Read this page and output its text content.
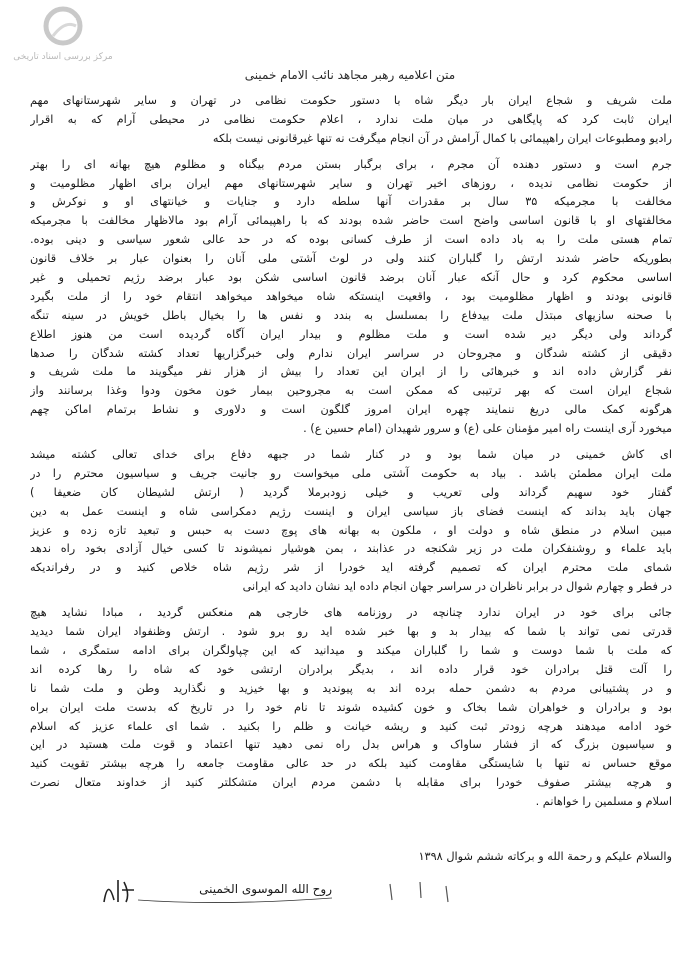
مرکز بررسی اسناد تاریخی
متن اعلامیه رهبر مجاهد نائب الامام خمینی
ملت شریف و شجاع ایران بار دیگر شاه با دستور حکومت نظامی در تهران و سایر شهرستانهای مهم
ایران ثابت کرد که پایگاهی در میان ملت ندارد ، اعلام حکومت نظامی در محیطی آرام که به اقرار
رادیو ومطبوعات ایران راهپیمائی با کمال آرامش در آن انجام میگرفت نه تنها غیرقانونی نیست بلکه
جرم است و دستور دهنده آن مجرم ، برای برگبار بستن مردم بیگناه و مظلوم هیچ بهانه ای را بهتر
از حکومت نظامی ندیده ، روزهای اخیر تهران و سایر شهرستانهای مهم ایران برای اظهار مظلومیت و
مخالفت با مجرمیکه ۳۵ سال بر مقدرات آنها سلطه دارد و جنایات و خیانتهای او و نوکرش و
مخالفتهای او با قانون اساسی واضح است حاضر شده بودند که با راهپیمائی آرام بود مالاظهار مخالفت با مجرمیکه
تمام هستی ملت را به باد داده است از طرف کسانی بوده که در حد عالی شعور سیاسی و دینی بوده.
بطوریکه حاضر شدند ارتش را گلباران کنند ولی در لوث آشتی ملی آنان را بعنوان عبار بر خلاف قانون
اساسی محکوم کرد و حال آنکه عبار آنان برضد قانون اساسی شکن بود عبار برضد رژیم تحمیلی و غیر
قانونی بودند و اظهار مظلومیت بود ، واقعیت اینستکه شاه میخواهد میخواهد انتقام خود را از ملت بگیرد
با صحنه سازیهای مبتذل ملت بیدفاع را بمسلسل به بندد و نفس ها را بخیال باطل خویش در سینه تنگه
گرداند ولی دیگر دیر شده است و ملت مظلوم و بیدار ایران آگاه گردیده است من هنوز اطلاع
دقیقی از کشته شدگان و مجروحان در سراسر ایران ندارم ولی خبرگزاریها تعداد کشته شدگان را صدها
نفر گزارش داده اند و خبرهائی را از ایران این تعداد را بیش از هزار نفر میگویند ما ملت شریف و
شجاع ایران است که بهر ترتیبی که ممکن است به مجروحین بیمار خون مخون ودوا وغذا برسانند واز
هرگونه کمک مالی دریغ ننمایند چهره ایران امروز گلگون است و دلاوری و نشاط برتمام اماکن چهم
میخورد آری اینست راه امیر مؤمنان علی (ع) و سرور شهیدان (امام حسین ع) .
ای کاش خمینی در میان شما بود و در کنار شما در جبهه دفاع برای خدای تعالی کشته میشد
ملت ایران مطمئن باشد . بیاد به حکومت آشتی ملی میخواست رو جانیت جریف و سیاسیون محترم را در
گفتار خود سهیم گرداند ولی تعریب و خیلی زودبرملا گردید ( ارتش لشیطان کان ضعیفا )
جهان باید بداند که اینست فضای باز سیاسی ایران و اینست رژیم دمکراسی شاه و اینست عمل به دین
مبین اسلام در منطق شاه و دولت او ، ملکون به بهانه های پوچ دست به حبس و تبعید تازه زده و عزیز
باید علماء و روشنفکران ملت در زیر شکنجه در عذابند ، بمن هوشیار نمیشوند تا کسی خیال آزادی بخود راه ندهد
شمای ملت محترم ایران که تصمیم گرفته اید خودرا از شر رژیم شاه خلاص کنید و در رفراندیکه
در فطر و چهارم شوال در برابر ناظران در سراسر جهان انجام داده اید نشان دادید که ایرانی
جائی برای خود در ایران ندارد چنانچه در روزنامه های خارجی هم منعکس گردید ، مبادا نشاید هیچ
قدرتی نمی تواند با شما که بیدار بد و بها خبر شده اید رو برو شود . ارتش وظنفواد ایران شما دیدید
که ملت با شما دوست و شما را گلباران میکند و میدانید که این چپاولگران برای ادامه ستمگری ، شما
را آلت قتل برادران خود قرار داده اند ، بدیگر برادران ارتشی خود که شاه را رها کرده اند
و در پشتیبانی مردم به دشمن حمله برده اند به پیوندید و بها خیزید و نگذارید وطن و ملت شما نا
بود و برادران و خواهران شما بخاک و خون کشیده شوند تا نام خود را در تاریخ که بدست ملت ایران براه
خود ادامه میدهند هرچه زودتر ثبت کنید و ریشه خیانت و ظلم را بکنید . شما ای علماء عزیز که اسلام
و سیاسیون بزرگ که از فشار ساواک و هراس بدل راه نمی دهید تنها اعتماد و قوت ملت هستید در این
موقع حساس نه تنها با شایستگی مقاومت کنید بلکه در حد عالی مقاومت جامعه را هرچه بیشتر تقویت کنید
و هرچه بیشتر صفوف خودرا برای مقابله با دشمن مردم ایران متشکلتر کنید از خداوند متعال نصرت
اسلام و مسلمین را خواهانم .
والسلام علیکم و رحمة الله و برکاته ششم شوال ۱۳۹۸
روح الله الموسوی الخمینی
